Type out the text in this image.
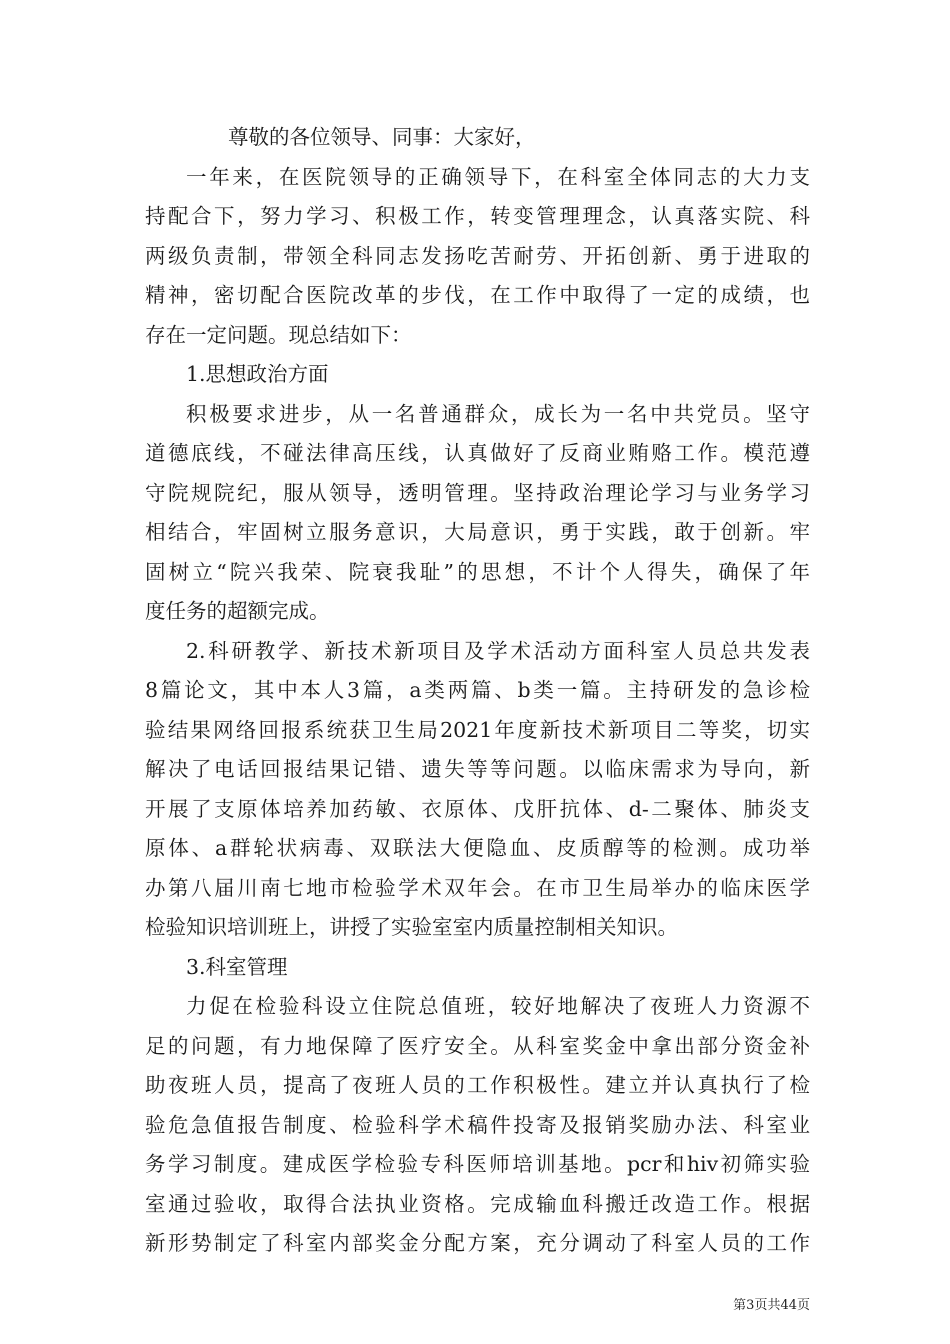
尊敬的各位领导、同事：大家好，
一年来，在医院领导的正确领导下，在科室全体同志的大力支
持配合下，努力学习、积极工作，转变管理理念，认真落实院、科
两级负责制，带领全科同志发扬吃苦耐劳、开拓创新、勇于进取的
精神，密切配合医院改革的步伐，在工作中取得了一定的成绩，也
存在一定问题。现总结如下：
1.思想政治方面
积极要求进步，从一名普通群众，成长为一名中共党员。坚守
道德底线，不碰法律高压线，认真做好了反商业贿赂工作。模范遵
守院规院纪，服从领导，透明管理。坚持政治理论学习与业务学习
相结合，牢固树立服务意识，大局意识，勇于实践，敢于创新。牢
固树立“院兴我荣、院衰我耻”的思想，不计个人得失，确保了年
度任务的超额完成。
2.科研教学、新技术新项目及学术活动方面科室人员总共发表
8篇论文，其中本人3篇，a类两篇、b类一篇。主持研发的急诊检
验结果网络回报系统获卫生局2021年度新技术新项目二等奖，切实
解决了电话回报结果记错、遗失等等问题。以临床需求为导向，新
开展了支原体培养加药敏、衣原体、戊肝抗体、d-二聚体、肺炎支
原体、a群轮状病毒、双联法大便隐血、皮质醇等的检测。成功举
办第八届川南七地市检验学术双年会。在市卫生局举办的临床医学
检验知识培训班上，讲授了实验室室内质量控制相关知识。
3.科室管理
力促在检验科设立住院总值班，较好地解决了夜班人力资源不
足的问题，有力地保障了医疗安全。从科室奖金中拿出部分资金补
助夜班人员，提高了夜班人员的工作积极性。建立并认真执行了检
验危急值报告制度、检验科学术稿件投寄及报销奖励办法、科室业
务学习制度。建成医学检验专科医师培训基地。pcr和hiv初筛实验
室通过验收，取得合法执业资格。完成输血科搬迁改造工作。根据
新形势制定了科室内部奖金分配方案，充分调动了科室人员的工作
第3页共44页
